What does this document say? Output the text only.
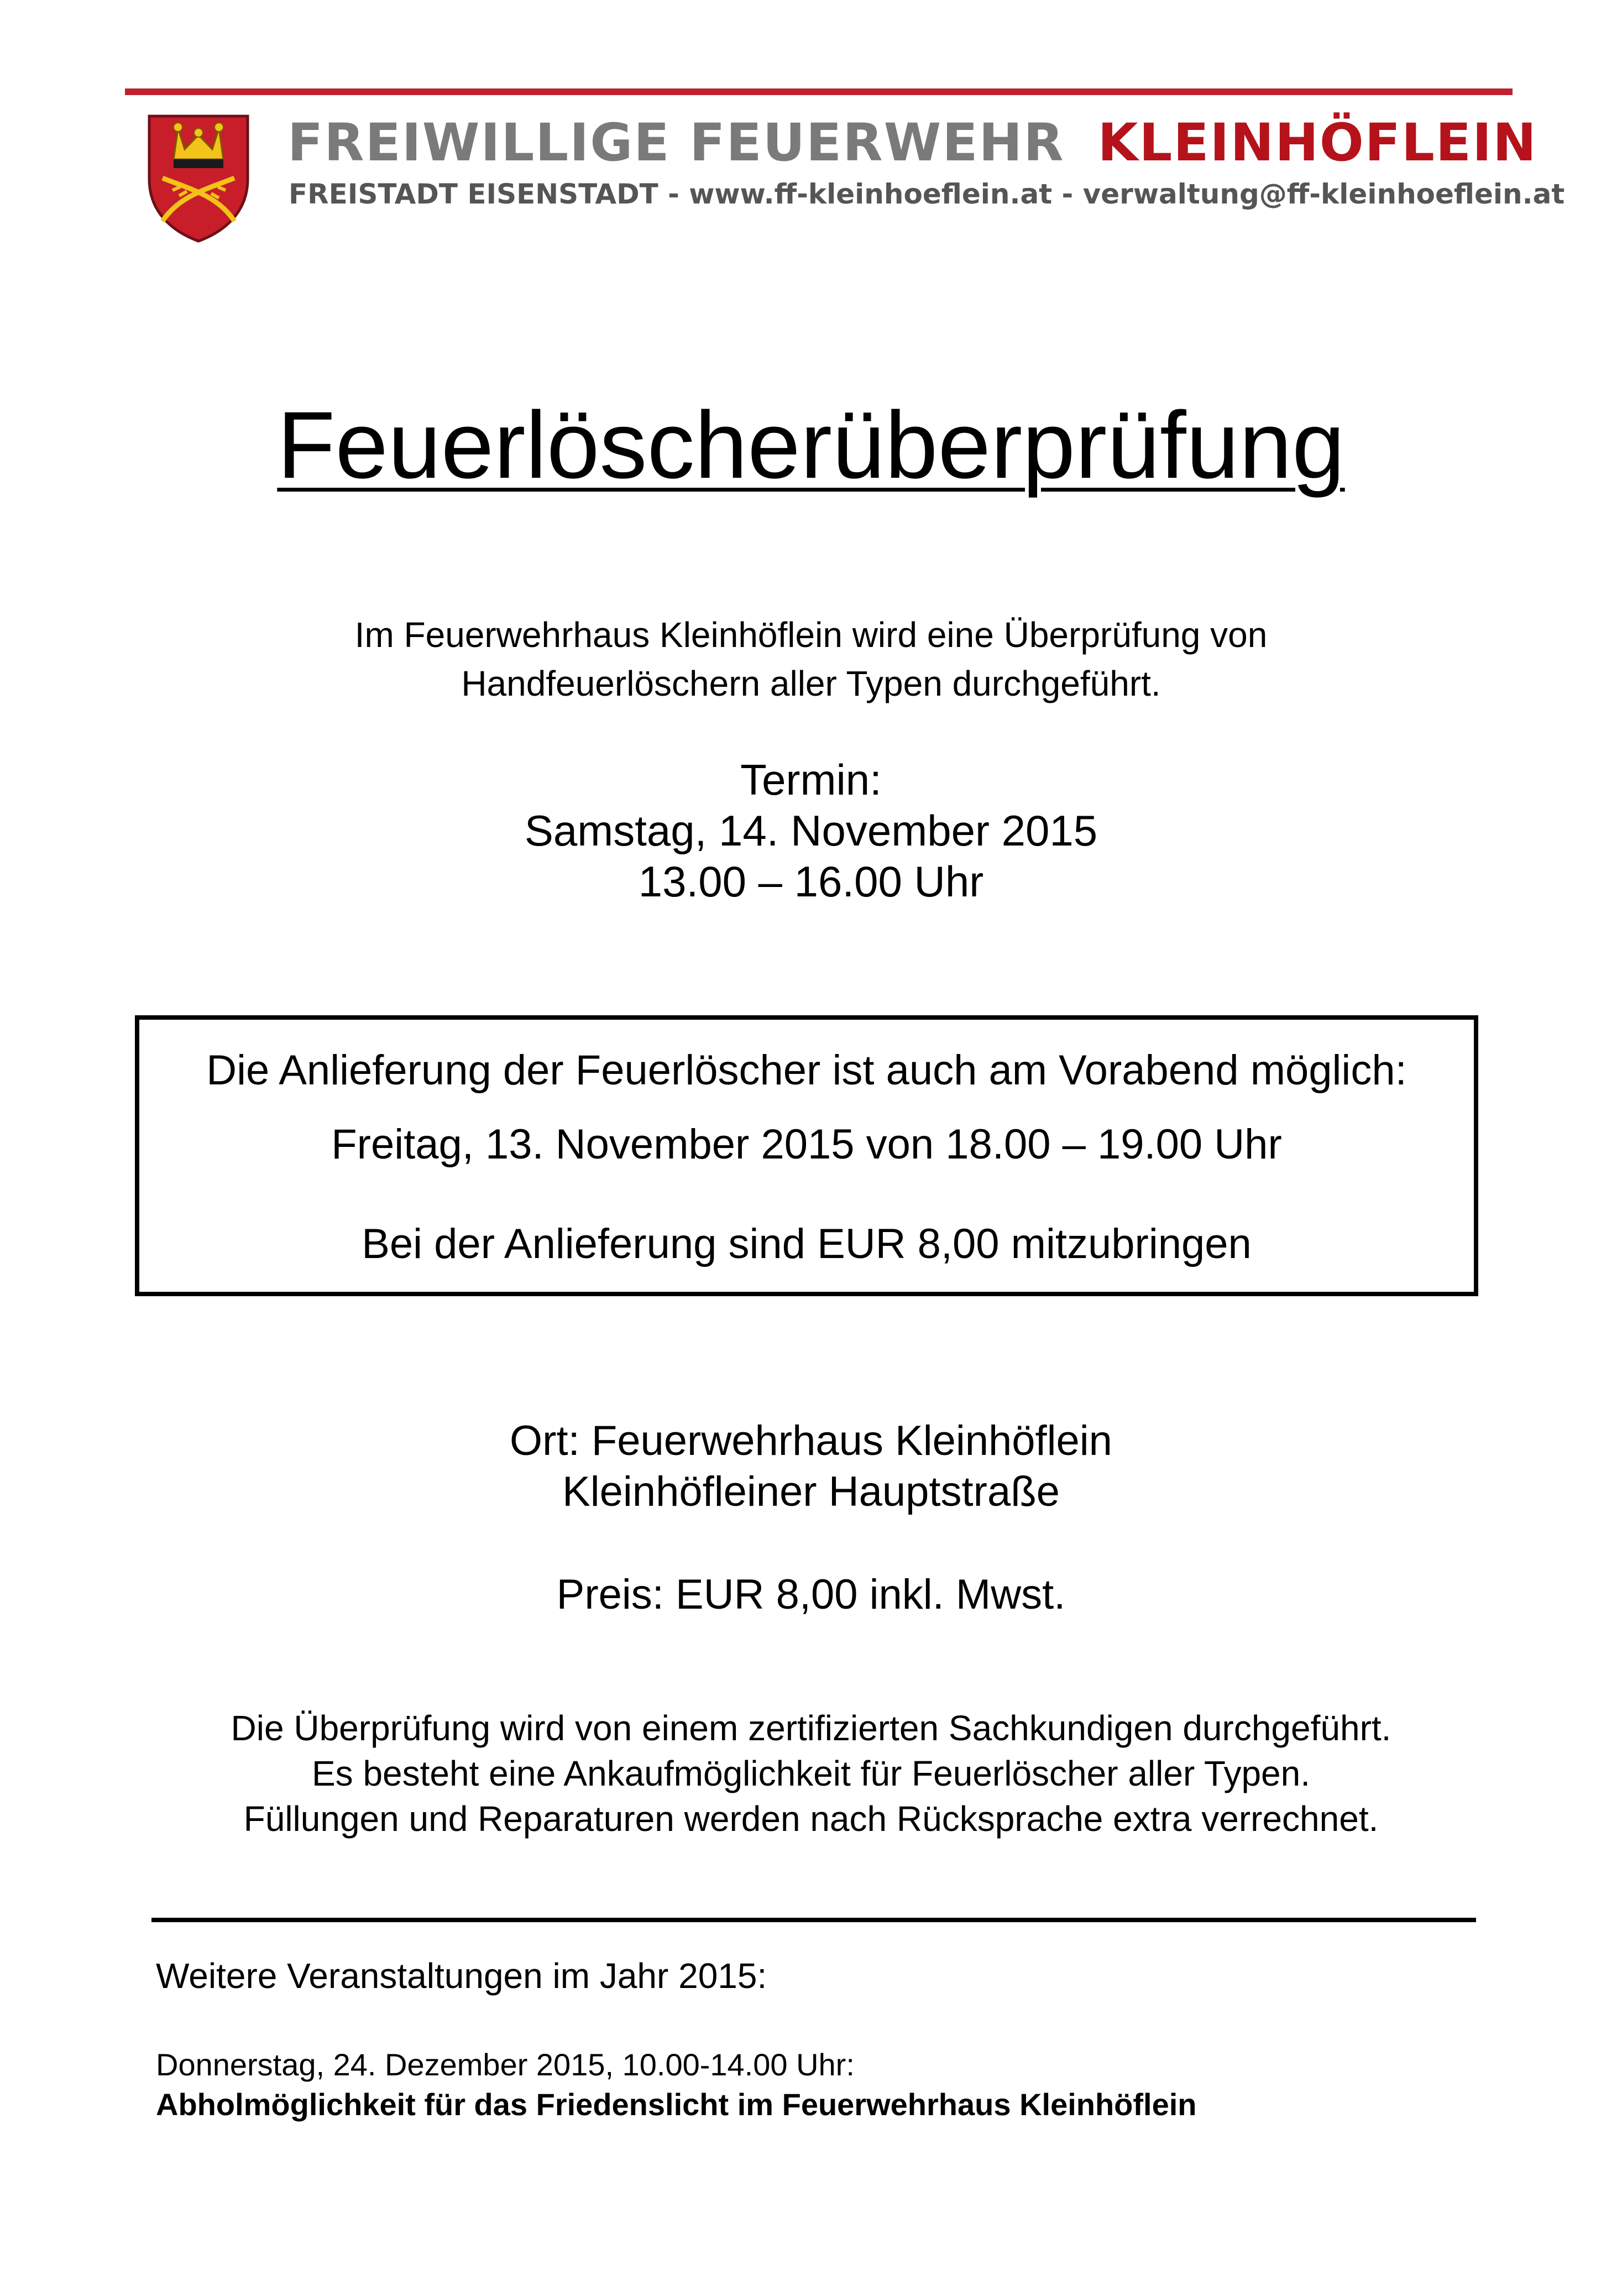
FREIWILLIGE FEUERWEHR KLEINHÖFLEIN
FREISTADT EISENSTADT - www.ff-kleinhoeflein.at - verwaltung@ff-kleinhoeflein.at
Feuerlöscherüberprüfung
Im Feuerwehrhaus Kleinhöflein wird eine Überprüfung von
Handfeuerlöschern aller Typen durchgeführt.
Termin:
Samstag, 14. November 2015
13.00 – 16.00 Uhr
Die Anlieferung der Feuerlöscher ist auch am Vorabend möglich:
Freitag, 13. November 2015 von 18.00 – 19.00 Uhr
Bei der Anlieferung sind EUR 8,00 mitzubringen
Ort: Feuerwehrhaus Kleinhöflein
Kleinhöfleiner Hauptstraße
Preis: EUR 8,00 inkl. Mwst.
Die Überprüfung wird von einem zertifizierten Sachkundigen durchgeführt.
Es besteht eine Ankaufmöglichkeit für Feuerlöscher aller Typen.
Füllungen und Reparaturen werden nach Rücksprache extra verrechnet.
Weitere Veranstaltungen im Jahr 2015:
Donnerstag, 24. Dezember 2015, 10.00-14.00 Uhr:
Abholmöglichkeit für das Friedenslicht im Feuerwehrhaus Kleinhöflein
